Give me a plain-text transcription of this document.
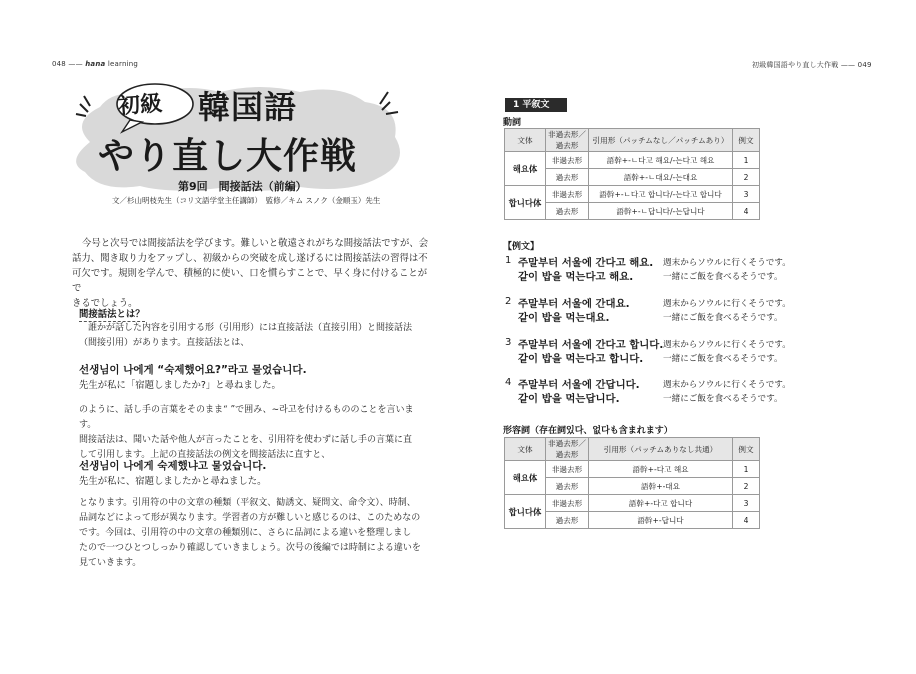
048 —— hana learning	初級韓国語やり直し大作戦 —— 049
初級 韓国語
やり直し大作戦
第9回　間接話法（前編）
文／杉山明枝先生（コリ文語学堂主任講師）　監修／キム スノク（金順玉）先生
今号と次号では間接話法を学びます。難しいと敬遠されがちな間接話法ですが、会
話力、聞き取り力をアップし、初級からの突破を成し遂げるには間接話法の習得は不
可欠です。規則を学んで、積極的に使い、口を慣らすことで、早く身に付けることがで
きるでしょう。
間接話法とは？
誰かが話した内容を引用する形（引用形）には直接話法（直接引用）と間接話法
（間接引用）があります。直接話法とは、
선생님이 나에게 “숙제했어요?”라고 물었습니다.
先生が私に「宿題しましたか?」と尋ねました。
のように、話し手の言葉をそのまま“ ”で囲み、~라고を付けるもののことを言います。
間接話法は、聞いた話や他人が言ったことを、引用符を使わずに話し手の言葉に直
して引用します。上記の直接話法の例文を間接話法に直すと、
선생님이 나에게 숙제했냐고 물었습니다.
先生が私に、宿題しましたかと尋ねました。
となります。引用符の中の文章の種類（平叙文、勧誘文、疑問文、命令文）、時制、
品詞などによって形が異なります。学習者の方が難しいと感じるのは、このためなの
です。今回は、引用符の中の文章の種類別に、さらに品詞による違いを整理しまし
たので一つひとつしっかり確認していきましょう。次号の後編では時制による違いを
見ていきます。
1 平叙文
動詞
文体	非過去形／過去形	引用形（パッチムなし／パッチムあり）	例文
해요体	非過去形	語幹+-ㄴ다고 해요/-는다고 해요	1
	過去形	語幹+-ㄴ대요/-는대요	2
합니다体	非過去形	語幹+-ㄴ다고 합니다/-는다고 합니다	3
	過去形	語幹+-ㄴ답니다/-는답니다	4
【例文】
1 주말부터 서울에 간다고 해요. 週末からソウルに行くそうです。
같이 밥을 먹는다고 해요.	一緒にご飯を食べるそうです。
2 주말부터 서울에 간대요.	週末からソウルに行くそうです。
같이 밥을 먹는대요.	一緒にご飯を食べるそうです。
3 주말부터 서울에 간다고 합니다. 週末からソウルに行くそうです。
같이 밥을 먹는다고 합니다. 一緒にご飯を食べるそうです。
4 주말부터 서울에 간답니다.	週末からソウルに行くそうです。
같이 밥을 먹는답니다.	一緒にご飯を食べるそうです。
形容詞（存在詞있다、없다も含まれます）
文体	非過去形／過去形	引用形（パッチムありなし共通）	例文
해요体	非過去形	語幹+-다고 해요	1
	過去形	語幹+-대요	2
합니다体	非過去形	語幹+-다고 합니다	3
	過去形	語幹+-답니다	4
